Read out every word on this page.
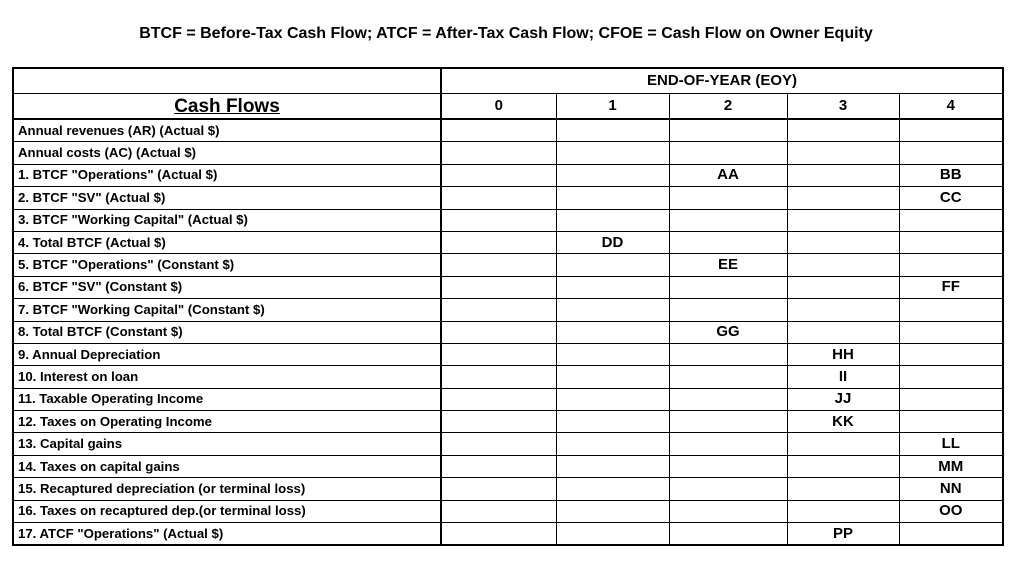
BTCF = Before-Tax Cash Flow; ATCF = After-Tax Cash Flow; CFOE = Cash Flow on Owner Equity
	END-OF-YEAR (EOY)				
Cash Flows	0	1	2	3	4
Annual revenues (AR) (Actual $)					
Annual costs (AC) (Actual $)					
1. BTCF "Operations" (Actual $)			AA		BB
2. BTCF "SV" (Actual $)					CC
3. BTCF "Working Capital" (Actual $)					
4. Total BTCF (Actual $)		DD			
5. BTCF "Operations" (Constant $)			EE		
6. BTCF "SV" (Constant $)					FF
7. BTCF "Working Capital" (Constant $)					
8. Total BTCF (Constant $)			GG		
9. Annual Depreciation				HH	
10. Interest on loan				II	
11. Taxable Operating Income				JJ	
12. Taxes on Operating Income				KK	
13. Capital gains					LL
14. Taxes on capital gains					MM
15. Recaptured depreciation (or terminal loss)					NN
16. Taxes on recaptured dep.(or terminal loss)					OO
17. ATCF "Operations" (Actual $)				PP	
